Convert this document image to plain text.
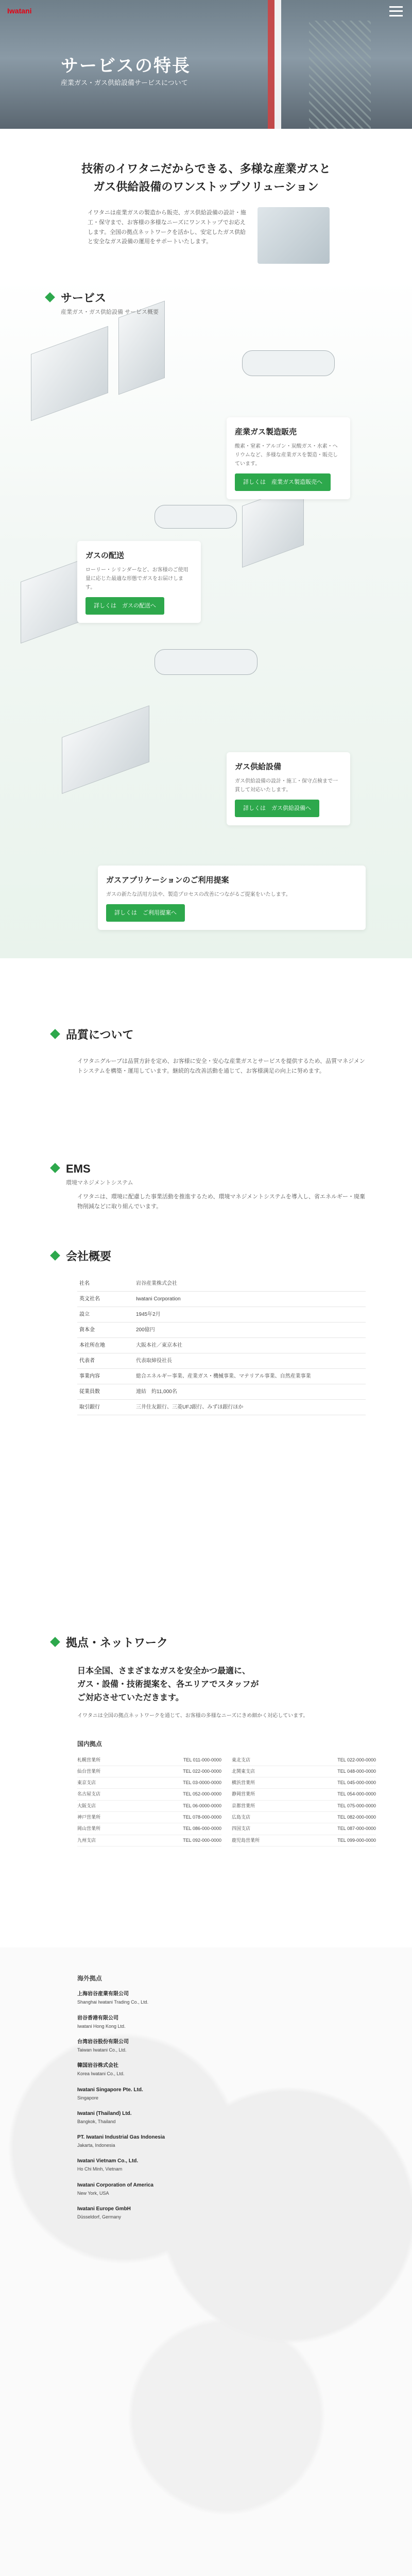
Iwatani
サービスの特長
産業ガス・ガス供給設備サービスについて
技術のイワタニだからできる、多様な産業ガスと
ガス供給設備のワンストップソリューション

イワタニは産業ガスの製造から販売、ガス供給設備の設計・施工・保守まで、お客様の多様なニーズにワンストップでお応えします。全国の拠点ネットワークを活かし、安定したガス供給と安全なガス設備の運用をサポートいたします。

サービス
産業ガス・ガス供給設備 サービス概要
産業ガス製造販売

酸素・窒素・アルゴン・炭酸ガス・水素・ヘリウムなど、多様な産業ガスを製造・販売しています。

詳しくは　産業ガス製造販売へ
ガスの配送

ローリー・シリンダーなど、お客様のご使用量に応じた最適な形態でガスをお届けします。

詳しくは　ガスの配送へ
ガス供給設備

ガス供給設備の設計・施工・保守点検まで一貫して対応いたします。

詳しくは　ガス供給設備へ
ガスアプリケーションのご利用提案

ガスの新たな活用方法や、製造プロセスの改善につながるご提案をいたします。

詳しくは　ご利用提案へ
品質について

イワタニグループは品質方針を定め、お客様に安全・安心な産業ガスとサービスを提供するため、品質マネジメントシステムを構築・運用しています。継続的な改善活動を通じて、お客様満足の向上に努めます。

EMS
環境マネジメントシステム

イワタニは、環境に配慮した事業活動を推進するため、環境マネジメントシステムを導入し、省エネルギー・廃棄物削減などに取り組んでいます。

会社概要
社名	岩谷産業株式会社
英文社名	Iwatani Corporation
設立	1945年2月
資本金	200億円
本社所在地	大阪本社／東京本社
代表者	代表取締役社長
事業内容	総合エネルギー事業、産業ガス・機械事業、マテリアル事業、自然産業事業
従業員数	連結　約11,000名
取引銀行	三井住友銀行、三菱UFJ銀行、みずほ銀行ほか
拠点・ネットワーク
日本全国、さまざまなガスを安全かつ最適に、
ガス・設備・技術提案を、各エリアでスタッフが
ご対応させていただきます。
イワタニは全国の拠点ネットワークを通じて、お客様の多様なニーズにきめ細かく対応しています。
国内拠点
札幌営業所	TEL 011-000-0000 東北支店	TEL 022-000-0000
仙台営業所	TEL 022-000-0000 北関東支店	TEL 048-000-0000
東京支店	TEL 03-0000-0000 横浜営業所	TEL 045-000-0000
名古屋支店	TEL 052-000-0000 静岡営業所	TEL 054-000-0000
大阪支店	TEL 06-0000-0000 京都営業所	TEL 075-000-0000
神戸営業所	TEL 078-000-0000 広島支店	TEL 082-000-0000
岡山営業所	TEL 086-000-0000 四国支店	TEL 087-000-0000
九州支店	TEL 092-000-0000 鹿児島営業所	TEL 099-000-0000
海外拠点
上海岩谷産業有限公司
Shanghai Iwatani Trading Co., Ltd.
岩谷香港有限公司
Iwatani Hong Kong Ltd.
台湾岩谷股份有限公司
Taiwan Iwatani Co., Ltd.
韓国岩谷株式会社
Korea Iwatani Co., Ltd.
Iwatani Singapore Pte. Ltd.
Singapore
Iwatani (Thailand) Ltd.
Bangkok, Thailand
PT. Iwatani Industrial Gas Indonesia
Jakarta, Indonesia
Iwatani Vietnam Co., Ltd.
Ho Chi Minh, Vietnam
Iwatani Corporation of America
New York, USA
Iwatani Europe GmbH
Düsseldorf, Germany
